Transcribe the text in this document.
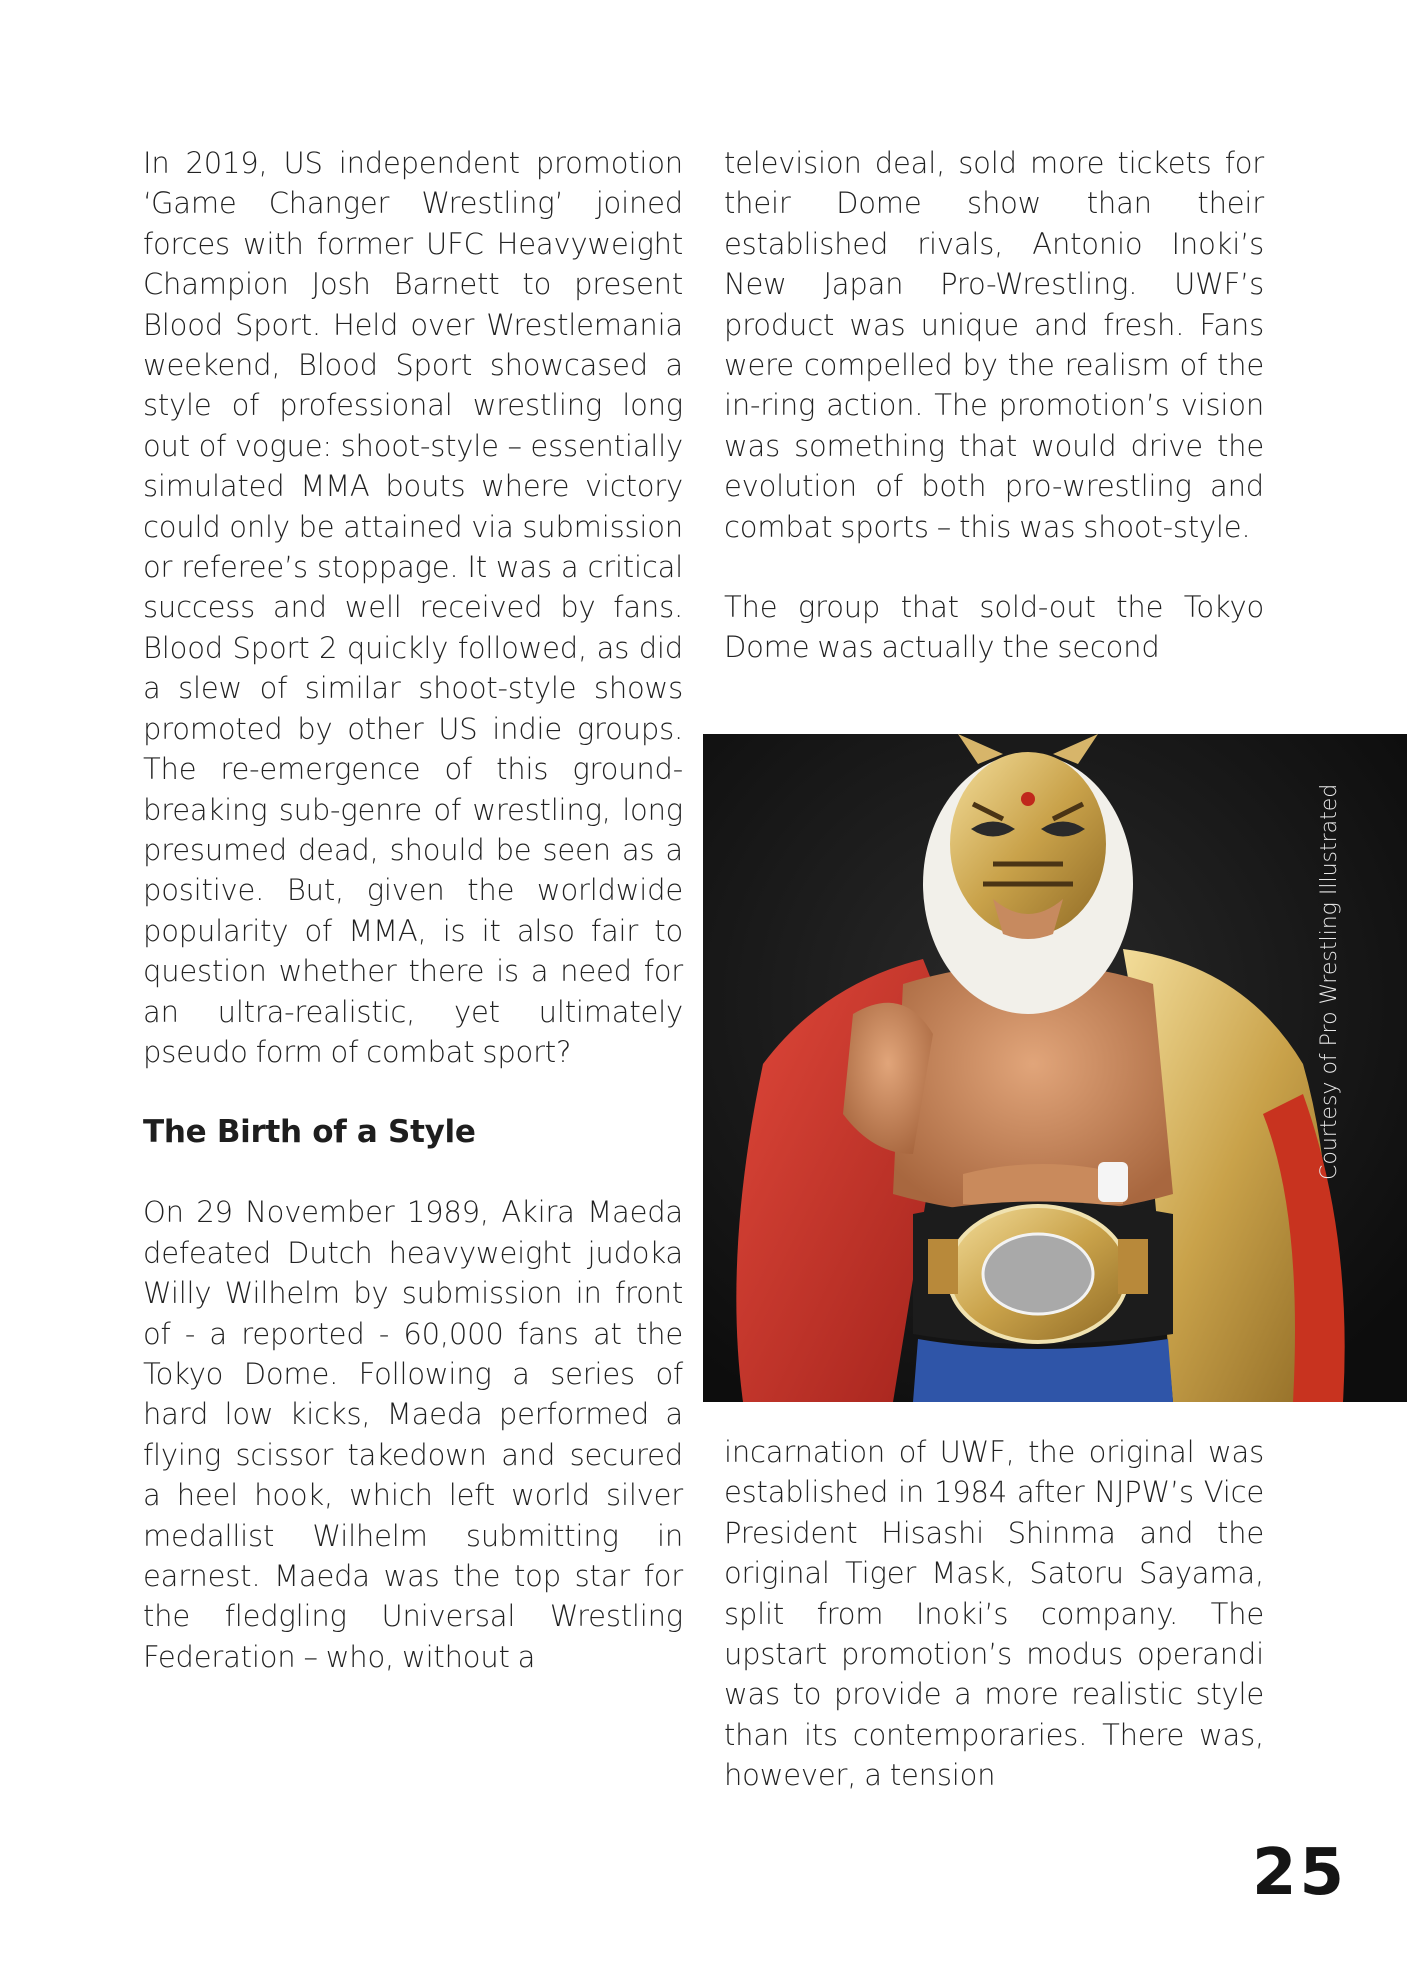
In 2019, US independent promotion ‘Game Changer Wrestling’ joined forces with former UFC Heavyweight Champion Josh Barnett to present Blood Sport. Held over Wrestlemania weekend, Blood Sport showcased a style of professional wrestling long out of vogue: shoot-style – essentially simulated MMA bouts where victory could only be attained via submission or referee’s stoppage. It was a critical success and well received by fans. Blood Sport 2 quickly followed, as did a slew of similar shoot-style shows promoted by other US indie groups. The re-emergence of this ground-breaking sub-genre of wrestling, long presumed dead, should be seen as a positive. But, given the worldwide popularity of MMA, is it also fair to question whether there is a need for an ultra-realistic, yet ultimately pseudo form of combat sport?

The Birth of a Style

On 29 November 1989, Akira Maeda defeated Dutch heavyweight judoka Willy Wilhelm by submission in front of - a reported - 60,000 fans at the Tokyo Dome. Following a series of hard low kicks, Maeda performed a flying scissor takedown and secured a heel hook, which left world silver medallist Wilhelm submitting in earnest. Maeda was the top star for the fledgling Universal Wrestling Federation – who, without a

television deal, sold more tickets for their Dome show than their established rivals, Antonio Inoki’s New Japan Pro-Wrestling. UWF’s product was unique and fresh. Fans were compelled by the realism of the in-ring action. The promotion’s vision was something that would drive the evolution of both pro-wrestling and combat sports – this was shoot-style.

The group that sold-out the Tokyo Dome was actually the second

Courtesy of Pro Wrestling Illustrated

incarnation of UWF, the original was established in 1984 after NJPW’s Vice President Hisashi Shinma and the original Tiger Mask, Satoru Sayama, split from Inoki’s company. The upstart promotion’s modus operandi was to provide a more realistic style than its contemporaries. There was, however, a tension

25
